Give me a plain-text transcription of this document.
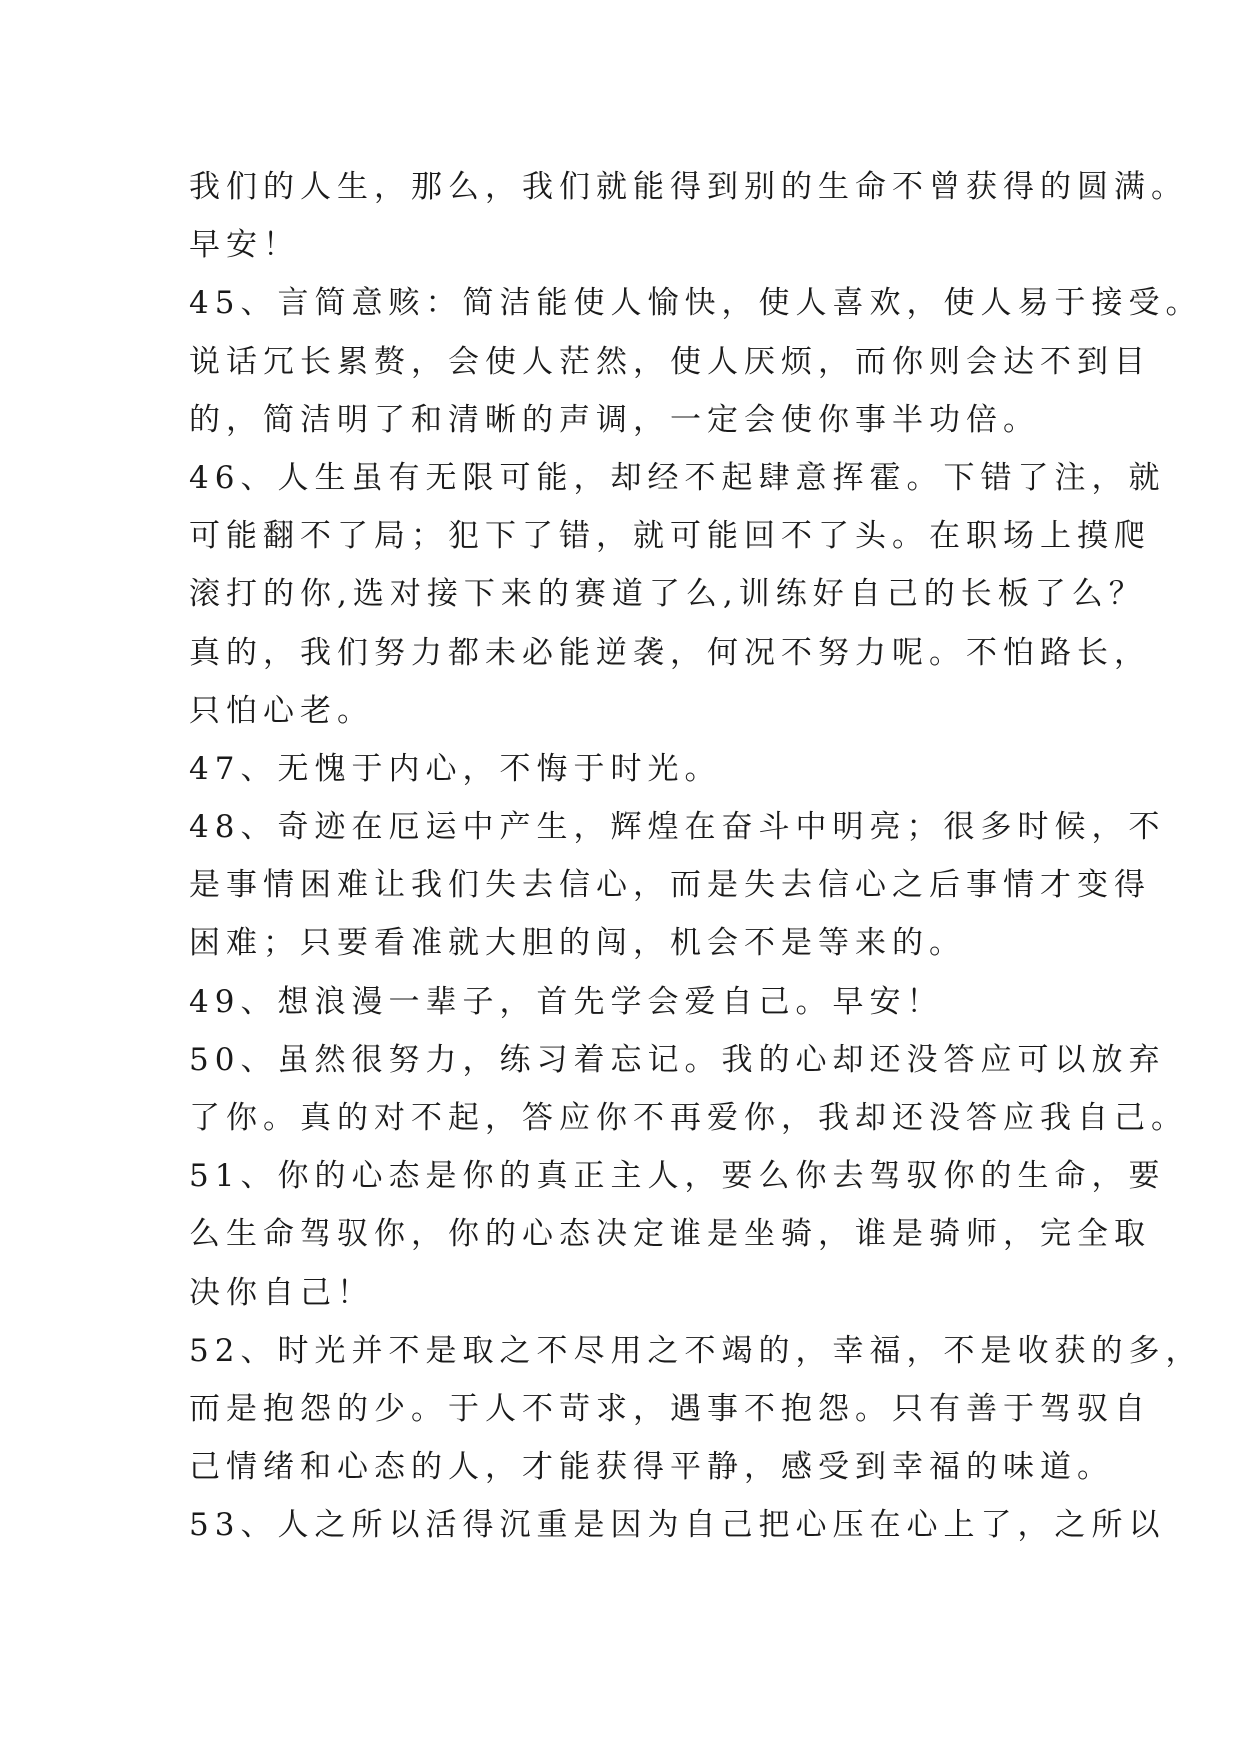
我们的人生，那么，我们就能得到别的生命不曾获得的圆满。
早安！
45、言简意赅：简洁能使人愉快，使人喜欢，使人易于接受。
说话冗长累赘，会使人茫然，使人厌烦，而你则会达不到目
的，简洁明了和清晰的声调，一定会使你事半功倍。
46、人生虽有无限可能，却经不起肆意挥霍。下错了注，就
可能翻不了局；犯下了错，就可能回不了头。在职场上摸爬
滚打的你,选对接下来的赛道了么,训练好自己的长板了么？
真的，我们努力都未必能逆袭，何况不努力呢。不怕路长，
只怕心老。
47、无愧于内心，不悔于时光。
48、奇迹在厄运中产生，辉煌在奋斗中明亮；很多时候，不
是事情困难让我们失去信心，而是失去信心之后事情才变得
困难；只要看准就大胆的闯，机会不是等来的。
49、想浪漫一辈子，首先学会爱自己。早安！
50、虽然很努力，练习着忘记。我的心却还没答应可以放弃
了你。真的对不起，答应你不再爱你，我却还没答应我自己。
51、你的心态是你的真正主人，要么你去驾驭你的生命，要
么生命驾驭你，你的心态决定谁是坐骑，谁是骑师，完全取
决你自己！
52、时光并不是取之不尽用之不竭的，幸福，不是收获的多，
而是抱怨的少。于人不苛求，遇事不抱怨。只有善于驾驭自
己情绪和心态的人，才能获得平静，感受到幸福的味道。
53、人之所以活得沉重是因为自己把心压在心上了，之所以
